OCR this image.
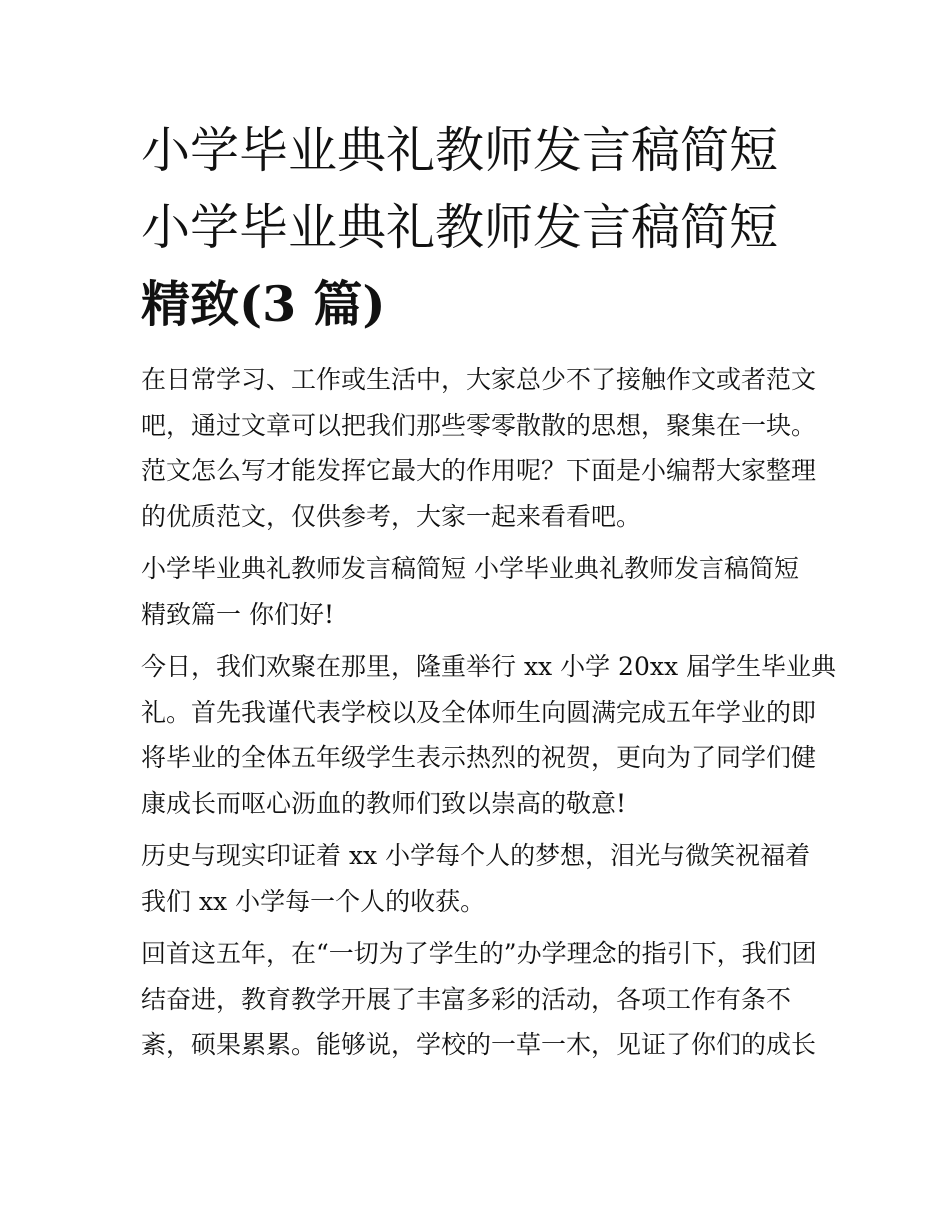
小学毕业典礼教师发言稿简短
小学毕业典礼教师发言稿简短
精致(3 篇)
在日常学习、工作或生活中，大家总少不了接触作文或者范文
吧，通过文章可以把我们那些零零散散的思想，聚集在一块。
范文怎么写才能发挥它最大的作用呢？下面是小编帮大家整理
的优质范文，仅供参考，大家一起来看看吧。
小学毕业典礼教师发言稿简短 小学毕业典礼教师发言稿简短
精致篇一 你们好!
今日，我们欢聚在那里，隆重举行 xx 小学 20xx 届学生毕业典
礼。首先我谨代表学校以及全体师生向圆满完成五年学业的即
将毕业的全体五年级学生表示热烈的祝贺，更向为了同学们健
康成长而呕心沥血的教师们致以崇高的敬意!
历史与现实印证着 xx 小学每个人的梦想，泪光与微笑祝福着
我们 xx 小学每一个人的收获。
回首这五年，在“一切为了学生的”办学理念的指引下，我们团
结奋进，教育教学开展了丰富多彩的活动，各项工作有条不
紊，硕果累累。能够说，学校的一草一木，见证了你们的成长
